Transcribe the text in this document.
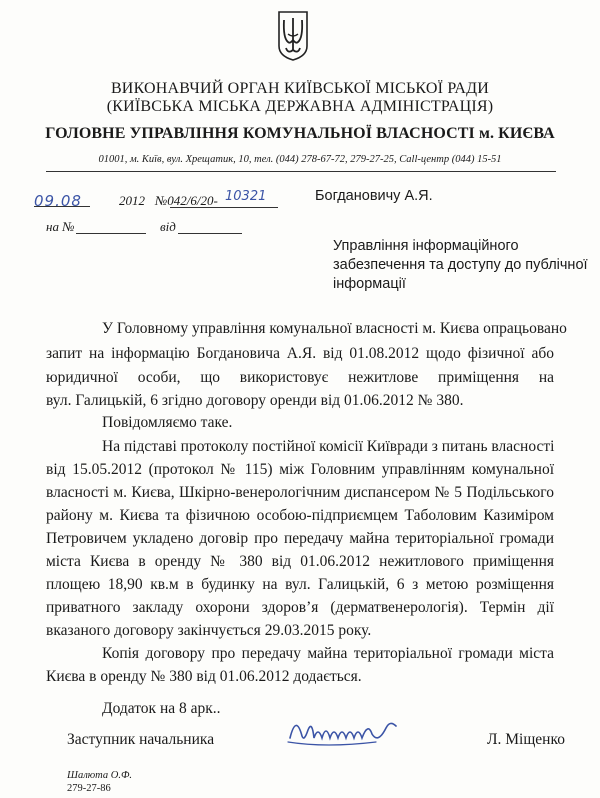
ВИКОНАВЧИЙ ОРГАН КИЇВСЬКОЇ МІСЬКОЇ РАДИ
(КИЇВСЬКА МІСЬКА ДЕРЖАВНА АДМІНІСТРАЦІЯ)
ГОЛОВНЕ УПРАВЛІННЯ КОМУНАЛЬНОЇ ВЛАСНОСТІ м. КИЄВА
01001, м. Київ, вул. Хрещатик, 10, тел. (044) 278-67-72, 279-27-25, Call-центр (044) 15-51
09.08	2012 №042/6/20- 10321
на №	від
Богдановичу А.Я.
Управління інформаційного
забезпечення та доступу до публічної
інформації
У Головному управління комунальної власності м. Києва опрацьовано
запит на інформацію Богдановича А.Я. від 01.08.2012 щодо фізичної або
юридичної особи, що використовує нежитлове приміщення на
вул. Галицькій, 6 згідно договору оренди від 01.06.2012 № 380.
Повідомляємо таке.
На підставі протоколу постійної комісії Київради з питань власності
від 15.05.2012 (протокол № 115) між Головним управлінням комунальної
власності м. Києва, Шкірно-венерологічним диспансером № 5 Подільського
району м. Києва та фізичною особою-підприємцем Таболовим Казиміром
Петровичем укладено договір про передачу майна територіальної громади
міста Києва в оренду № 380 від 01.06.2012 нежитлового приміщення
площею 18,90 кв.м в будинку на вул. Галицькій, 6 з метою розміщення
приватного закладу охорони здоров’я (дерматвенерологія). Термін дії
вказаного договору закінчується 29.03.2015 року.
Копія договору про передачу майна територіальної громади міста
Києва в оренду № 380 від 01.06.2012 додається.
Додаток на 8 арк..
Заступник начальника	Л. Міщенко
Шалюта О.Ф.
279-27-86
